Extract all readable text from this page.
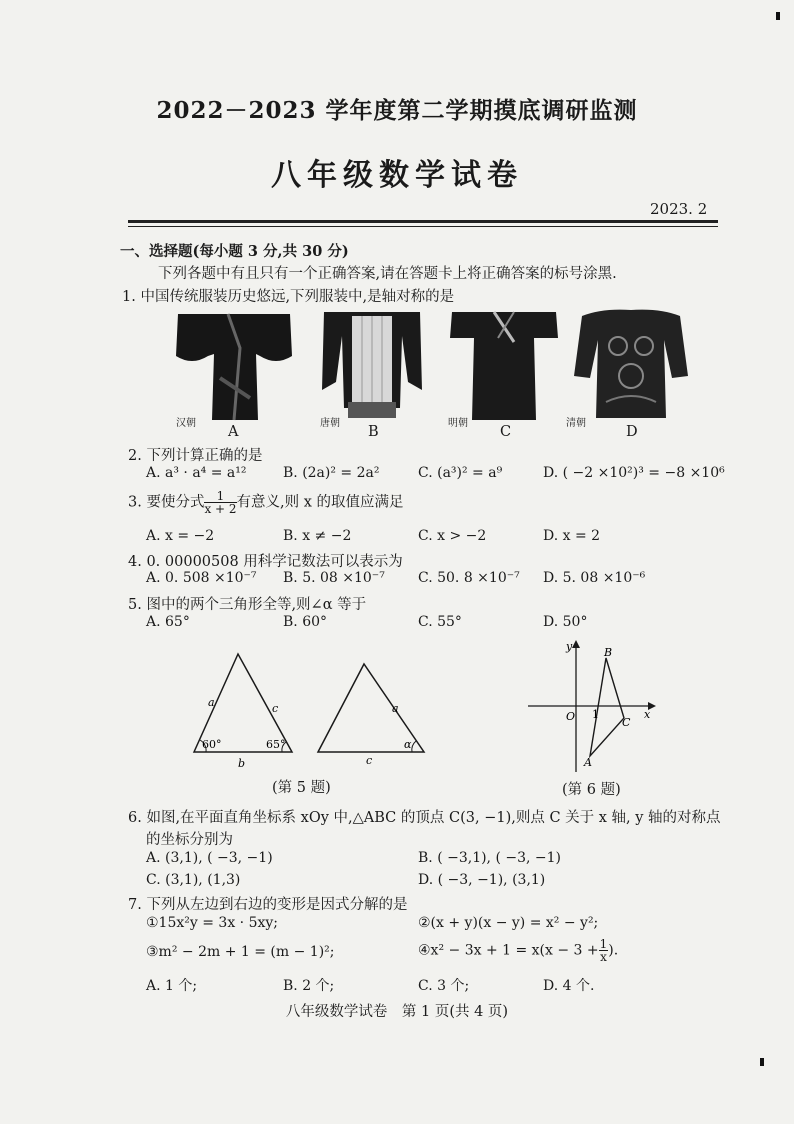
2022－2023 学年度第二学期摸底调研监测
八年级数学试卷
2023. 2
一、选择题(每小题 3 分,共 30 分)
下列各题中有且只有一个正确答案,请在答题卡上将正确答案的标号涂黑.
1. 中国传统服装历史悠远,下列服装中,是轴对称的是
汉朝
A
唐朝
B
明朝
C
清朝
D
2. 下列计算正确的是
A. a³ · a⁴ = a¹²	B. (2a)² = 2a²	C. (a³)² = a⁹	D. ( −2 ×10²)³ = −8 ×10⁶
3. 要使分式 $\frac{1}{x + 2}$ 有意义,则 x 的取值应满足
A. x = −2	B. x ≠ −2	C. x > −2	D. x = 2
4. 0. 00000508 用科学记数法可以表示为
A. 0. 508 ×10⁻⁷ B. 5. 08 ×10⁻⁷ C. 50. 8 ×10⁻⁷ D. 5. 08 ×10⁻⁶
5. 图中的两个三角形全等,则∠α 等于
A. 65°	B. 60°	C. 55°	D. 50°
a	c
b
60°	65°
a
c
α
(第 5 题)
y
x
O 1
A
B
C
(第 6 题)
6. 如图,在平面直角坐标系 xOy 中,△ABC 的顶点 C(3, −1),则点 C 关于 x 轴, y 轴的对称点
的坐标分别为
A. (3,1), ( −3, −1)	B. ( −3,1), ( −3, −1)
C. (3,1), (1,3)	D. ( −3, −1), (3,1)
7. 下列从左边到右边的变形是因式分解的是
①15x²y = 3x · 5xy;	②(x + y)(x − y) = x² − y²;
③m² − 2m + 1 = (m − 1)²;	④x² − $3x + 1 = x(x - 3 + \frac{1}{x}$ ).
A. 1 个;	B. 2 个;	C. 3 个;	D. 4 个.
八年级数学试卷　第 1 页(共 4 页)
